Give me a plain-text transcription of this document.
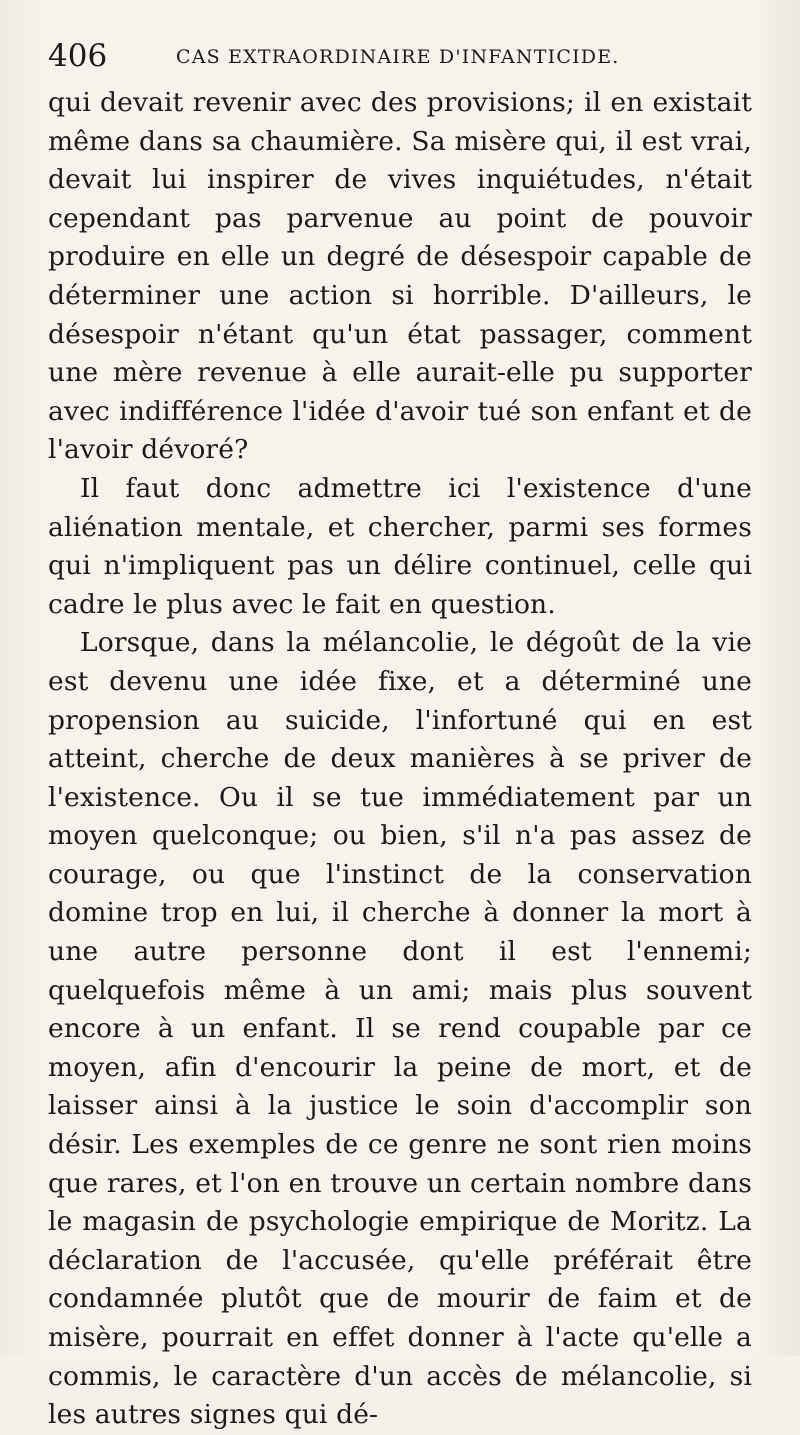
406	CAS EXTRAORDINAIRE D'INFANTICIDE.

qui devait revenir avec des provisions; il en existait même dans sa chaumière. Sa misère qui, il est vrai, devait lui inspirer de vives inquiétudes, n'était cependant pas parvenue au point de pouvoir produire en elle un degré de désespoir capable de déterminer une action si horrible. D'ailleurs, le désespoir n'étant qu'un état passager, comment une mère revenue à elle aurait-elle pu supporter avec indifférence l'idée d'avoir tué son enfant et de l'avoir dévoré?

Il faut donc admettre ici l'existence d'une aliénation mentale, et chercher, parmi ses formes qui n'impliquent pas un délire continuel, celle qui cadre le plus avec le fait en question.

Lorsque, dans la mélancolie, le dégoût de la vie est devenu une idée fixe, et a déterminé une propension au suicide, l'infortuné qui en est atteint, cherche de deux manières à se priver de l'existence. Ou il se tue immédiatement par un moyen quelconque; ou bien, s'il n'a pas assez de courage, ou que l'instinct de la conservation domine trop en lui, il cherche à donner la mort à une autre personne dont il est l'ennemi; quelquefois même à un ami; mais plus souvent encore à un enfant. Il se rend coupable par ce moyen, afin d'encourir la peine de mort, et de laisser ainsi à la justice le soin d'accomplir son désir. Les exemples de ce genre ne sont rien moins que rares, et l'on en trouve un certain nombre dans le magasin de psychologie empirique de Moritz. La déclaration de l'accusée, qu'elle préférait être condamnée plutôt que de mourir de faim et de misère, pourrait en effet donner à l'acte qu'elle a commis, le caractère d'un accès de mélancolie, si les autres signes qui dé-
